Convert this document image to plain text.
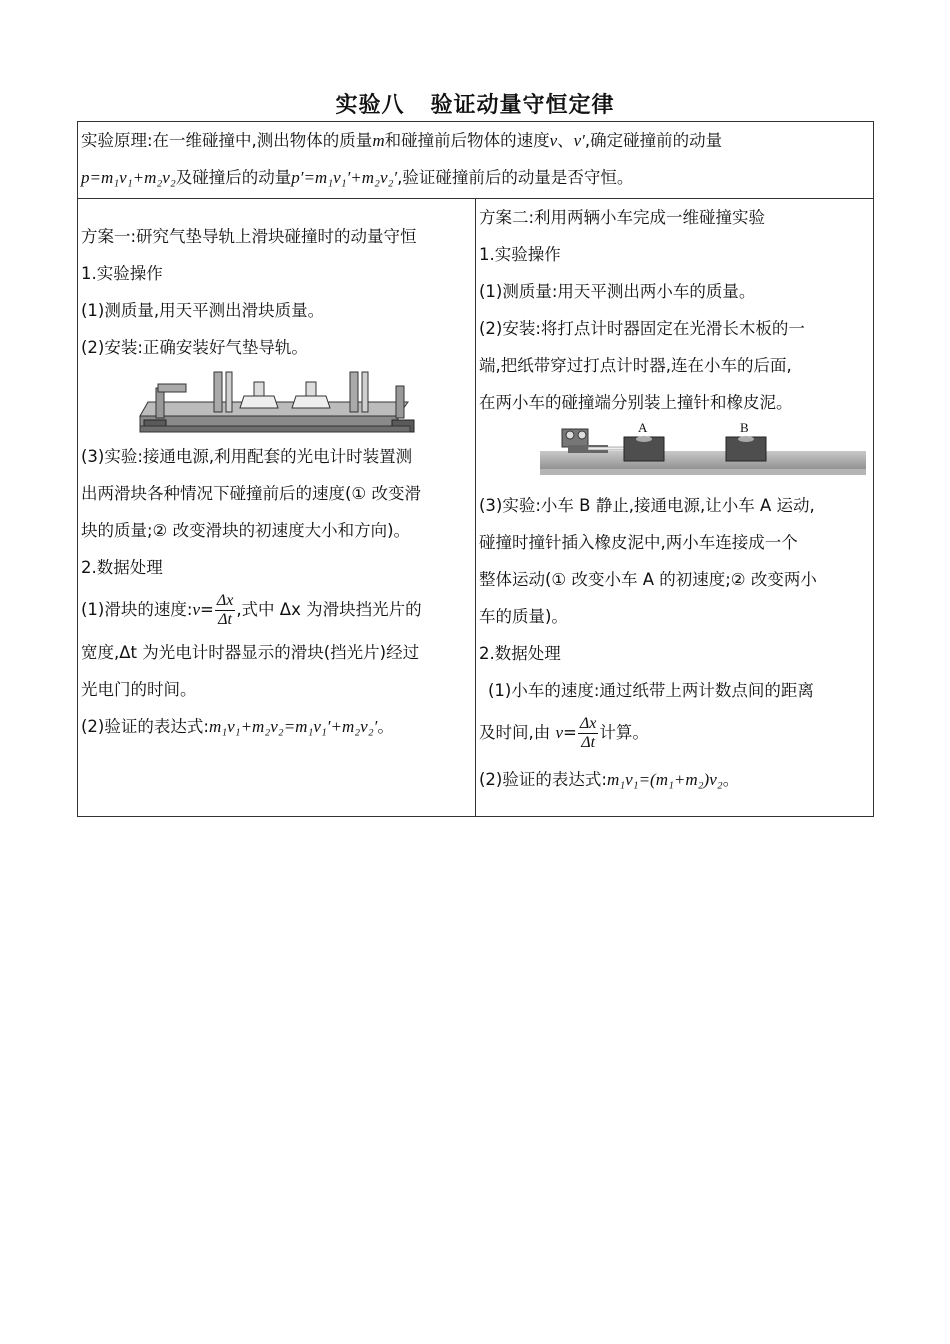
实验八 验证动量守恒定律
实验原理:在一维碰撞中,测出物体的质量m和碰撞前后物体的速度v、v′,确定碰撞前的动量
p=m₁v₁+m₂v₂及碰撞后的动量p′=m₁v₁′+m₂v₂′,验证碰撞前后的动量是否守恒。

方案一:研究气垫导轨上滑块碰撞时的动量守恒
1.实验操作
(1)测质量,用天平测出滑块质量。
(2)安装:正确安装好气垫导轨。
(3)实验:接通电源,利用配套的光电计时装置测
出两滑块各种情况下碰撞前后的速度(① 改变滑
块的质量;② 改变滑块的初速度大小和方向)。
2.数据处理
(1)滑块的速度:v= $\frac{\Delta x}{\Delta t}$ ,式中 Δx 为滑块挡光片的
宽度,Δt 为光电计时器显示的滑块(挡光片)经过
光电门的时间。
(2)验证的表达式:m₁v₁+m₂v₂=m₁v₁′+m₂v₂′。

方案二:利用两辆小车完成一维碰撞实验
1.实验操作
(1)测质量:用天平测出两小车的质量。
(2)安装:将打点计时器固定在光滑长木板的一
端,把纸带穿过打点计时器,连在小车的后面,
在两小车的碰撞端分别装上撞针和橡皮泥。
A	B
(3)实验:小车 B 静止,接通电源,让小车 A 运动,
碰撞时撞针插入橡皮泥中,两小车连接成一个
整体运动(① 改变小车 A 的初速度;② 改变两小
车的质量)。
2.数据处理
(1)小车的速度:通过纸带上两计数点间的距离
及时间,由 $v= \frac{\Delta x}{\Delta t}$ 计算。
(2)验证的表达式:m₁v₁=(m₁+m₂)v₂。
